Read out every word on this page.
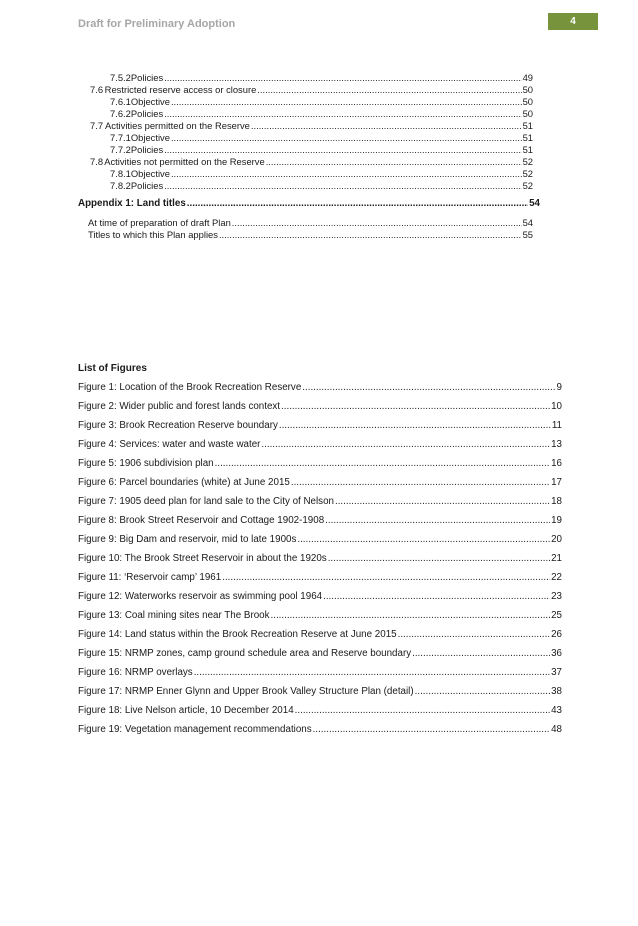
Draft for Preliminary Adoption	4
7.5.2 Policies .....	49
7.6 Restricted reserve access or closure .....	50
7.6.1 Objective .....	50
7.6.2 Policies .....	50
7.7 Activities permitted on the Reserve .....	51
7.7.1 Objective .....	51
7.7.2 Policies .....	51
7.8 Activities not permitted on the Reserve .....	52
7.8.1 Objective .....	52
7.8.2 Policies .....	52
Appendix 1: Land titles .....	54
At time of preparation of draft Plan .....	54
Titles to which this Plan applies .....	55
List of Figures
Figure 1: Location of the Brook Recreation Reserve .....	9
Figure 2: Wider public and forest lands context .....	10
Figure 3: Brook Recreation Reserve boundary .....	11
Figure 4: Services: water and waste water .....	13
Figure 5: 1906 subdivision plan .....	16
Figure 6: Parcel boundaries (white) at June 2015 .....	17
Figure 7: 1905 deed plan for land sale to the City of Nelson .....	18
Figure 8: Brook Street Reservoir and Cottage 1902-1908 .....	19
Figure 9: Big Dam and reservoir, mid to late 1900s .....	20
Figure 10: The Brook Street Reservoir in about the 1920s .....	21
Figure 11: ‘Reservoir camp’ 1961 .....	22
Figure 12: Waterworks reservoir as swimming pool 1964 .....	23
Figure 13: Coal mining sites near The Brook .....	25
Figure 14: Land status within the Brook Recreation Reserve at June 2015 .....	26
Figure 15: NRMP zones, camp ground schedule area and Reserve boundary .....	36
Figure 16: NRMP overlays .....	37
Figure 17: NRMP Enner Glynn and Upper Brook Valley Structure Plan (detail) .....	38
Figure 18: Live Nelson article, 10 December 2014 .....	43
Figure 19: Vegetation management recommendations .....	48
